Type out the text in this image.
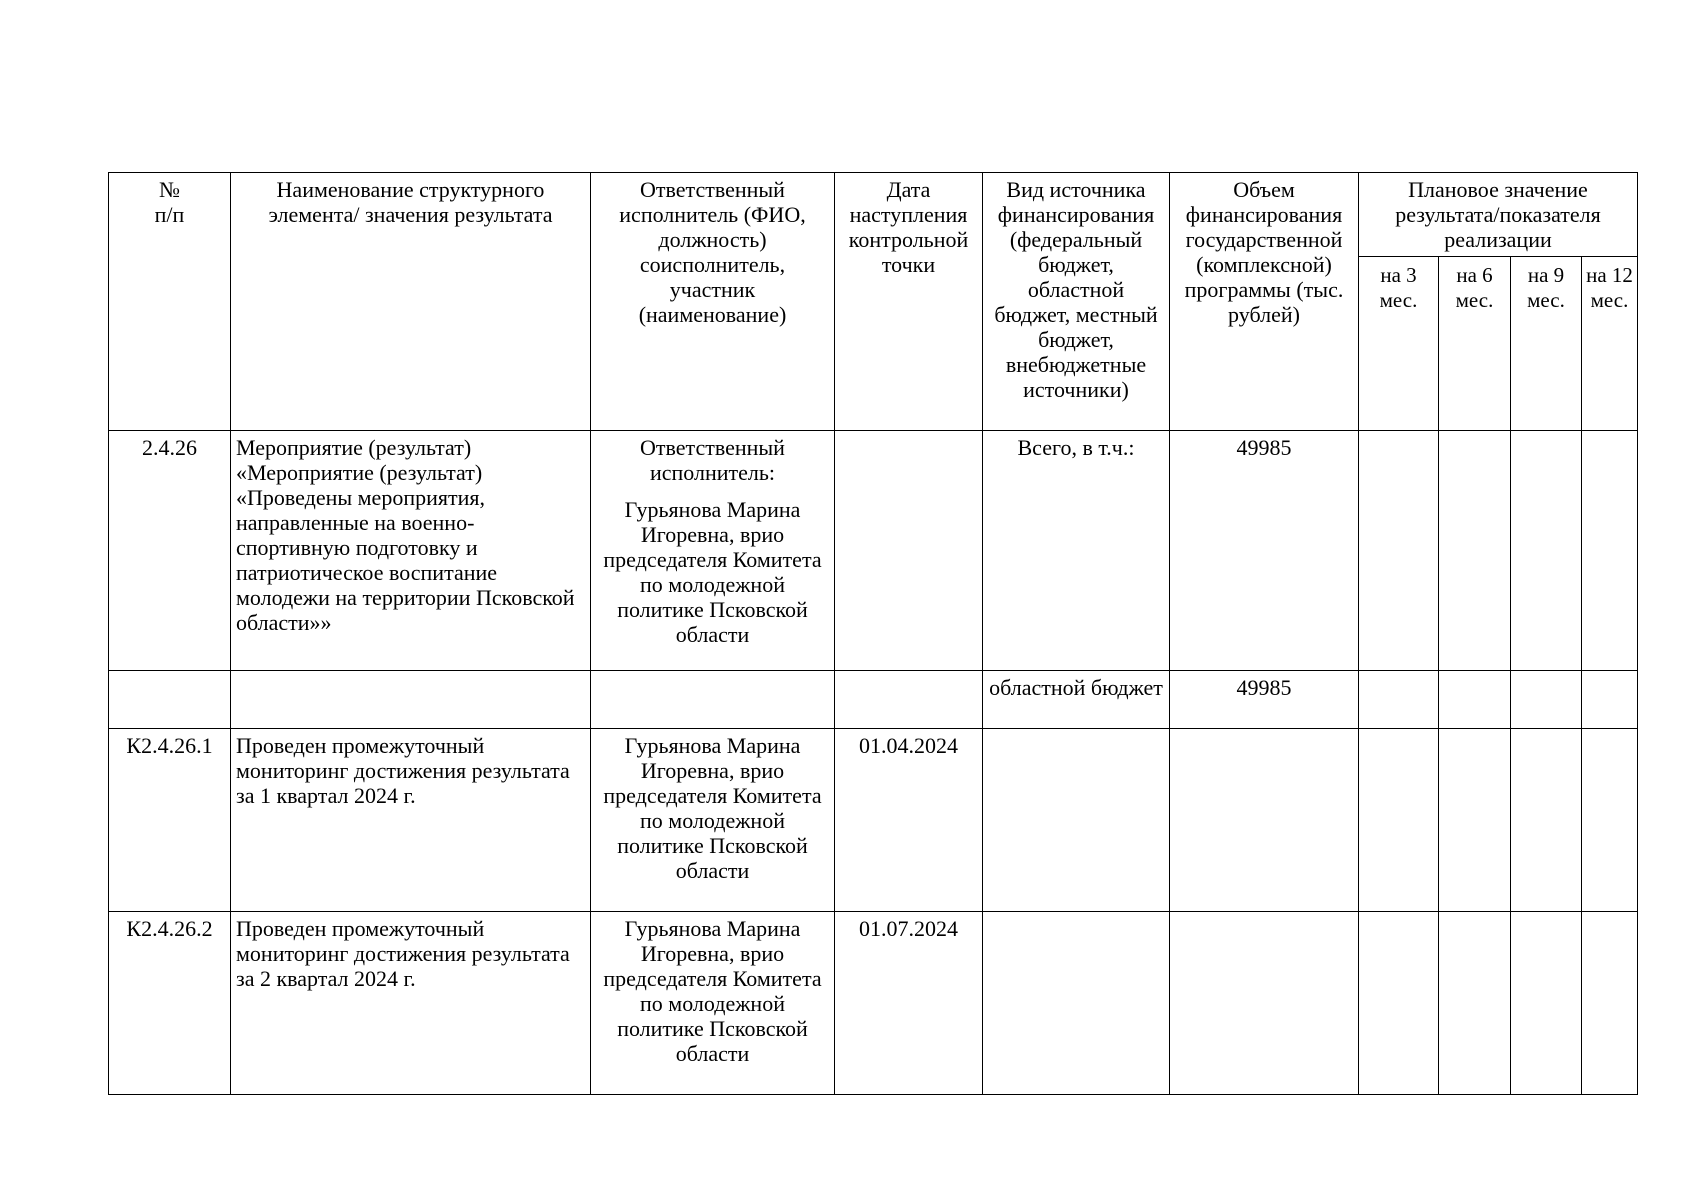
№
п/п	Наименование структурного элемента/ значения результата	Ответственный исполнитель (ФИО, должность) соисполнитель, участник (наименование)	Дата наступления контрольной точки	Вид источника финансирования (федеральный бюджет, областной бюджет, местный бюджет, внебюджетные источники)	Объем финансирования государственной (комплексной) программы (тыс. рублей)	Плановое значение результата/показателя реализации			
						на 3 мес.	на 6 мес.	на 9 мес.	на 12 мес.
2.4.26	Мероприятие (результат) «Мероприятие (результат) «Проведены мероприятия, направленные на военно-спортивную подготовку и патриотическое воспитание молодежи на территории Псковской области»»	Ответственный исполнитель:
Гурьянова Марина Игоревна, врио председателя Комитета по молодежной политике Псковской области		Всего, в т.ч.:	49985				
				областной бюджет	49985				
К2.4.26.1	Проведен промежуточный мониторинг достижения результата за 1 квартал 2024 г.	Гурьянова Марина Игоревна, врио председателя Комитета по молодежной политике Псковской области	01.04.2024						
К2.4.26.2	Проведен промежуточный мониторинг достижения результата за 2 квартал 2024 г.	Гурьянова Марина Игоревна, врио председателя Комитета по молодежной политике Псковской области	01.07.2024						
